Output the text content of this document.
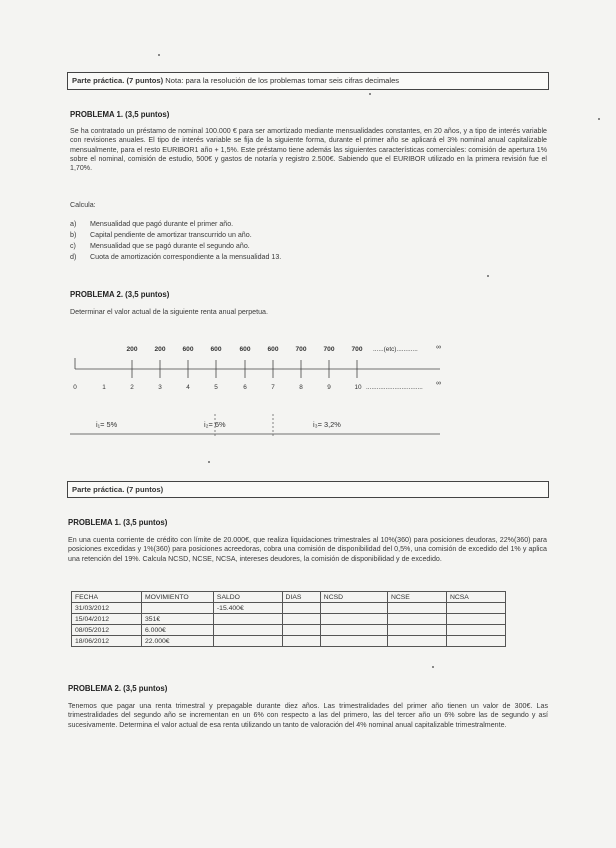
Parte práctica. (7 puntos) Nota: para la resolución de los problemas tomar seis cifras decimales
PROBLEMA 1. (3,5 puntos)
Se ha contratado un préstamo de nominal 100.000 € para ser amortizado mediante mensualidades constantes, en 20 años, y a tipo de interés variable con revisiones anuales. El tipo de interés variable se fija de la siguiente forma, durante el primer año se aplicará el 3% nominal anual capitalizable mensualmente, para el resto EURIBOR1 año + 1,5%. Este préstamo tiene además las siguientes características comerciales: comisión de apertura 1% sobre el nominal, comisión de estudio, 500€ y gastos de notaría y registro 2.500€. Sabiendo que el EURIBOR utilizado en la primera revisión fue el 1,70%.
Calcula:
a) Mensualidad que pagó durante el primer año.
b) Capital pendiente de amortizar transcurrido un año.
c) Mensualidad que se pagó durante el segundo año.
d) Cuota de amortización correspondiente a la mensualidad 13.
PROBLEMA 2. (3,5 puntos)
Determinar el valor actual de la siguiente renta anual perpetua.
200	200	600	600	600	600	700	700	700	......(etc)............	∞
0	1	2	3	4	5	6	7	8	9	10 ................................
∞
i₁= 5%	i₂= 6%	i₃= 3,2%
Parte práctica. (7 puntos)
PROBLEMA 1. (3,5 puntos)
En una cuenta corriente de crédito con límite de 20.000€, que realiza liquidaciones trimestrales al 10%(360) para posiciones deudoras, 22%(360) para posiciones excedidas y 1%(360) para posiciones acreedoras, cobra una comisión de disponibilidad del 0,5%, una comisión de excedido del 1% y aplica una retención del 19%. Calcula NCSD, NCSE, NCSA, intereses deudores, la comisión de disponibilidad y de excedido.
FECHA	MOVIMIENTO	SALDO	DIAS	NCSD	NCSE	NCSA
31/03/2012		-15.400€				
15/04/2012	351€					
08/05/2012	6.000€					
18/06/2012	22.000€					
PROBLEMA 2. (3,5 puntos)
Tenemos que pagar una renta trimestral y prepagable durante diez años. Las trimestralidades del primer año tienen un valor de 300€. Las trimestralidades del segundo año se incrementan en un 6% con respecto a las del primero, las del tercer año un 6% sobre las de segundo y así sucesivamente. Determina el valor actual de esa renta utilizando un tanto de valoración del 4% nominal anual capitalizable trimestralmente.
